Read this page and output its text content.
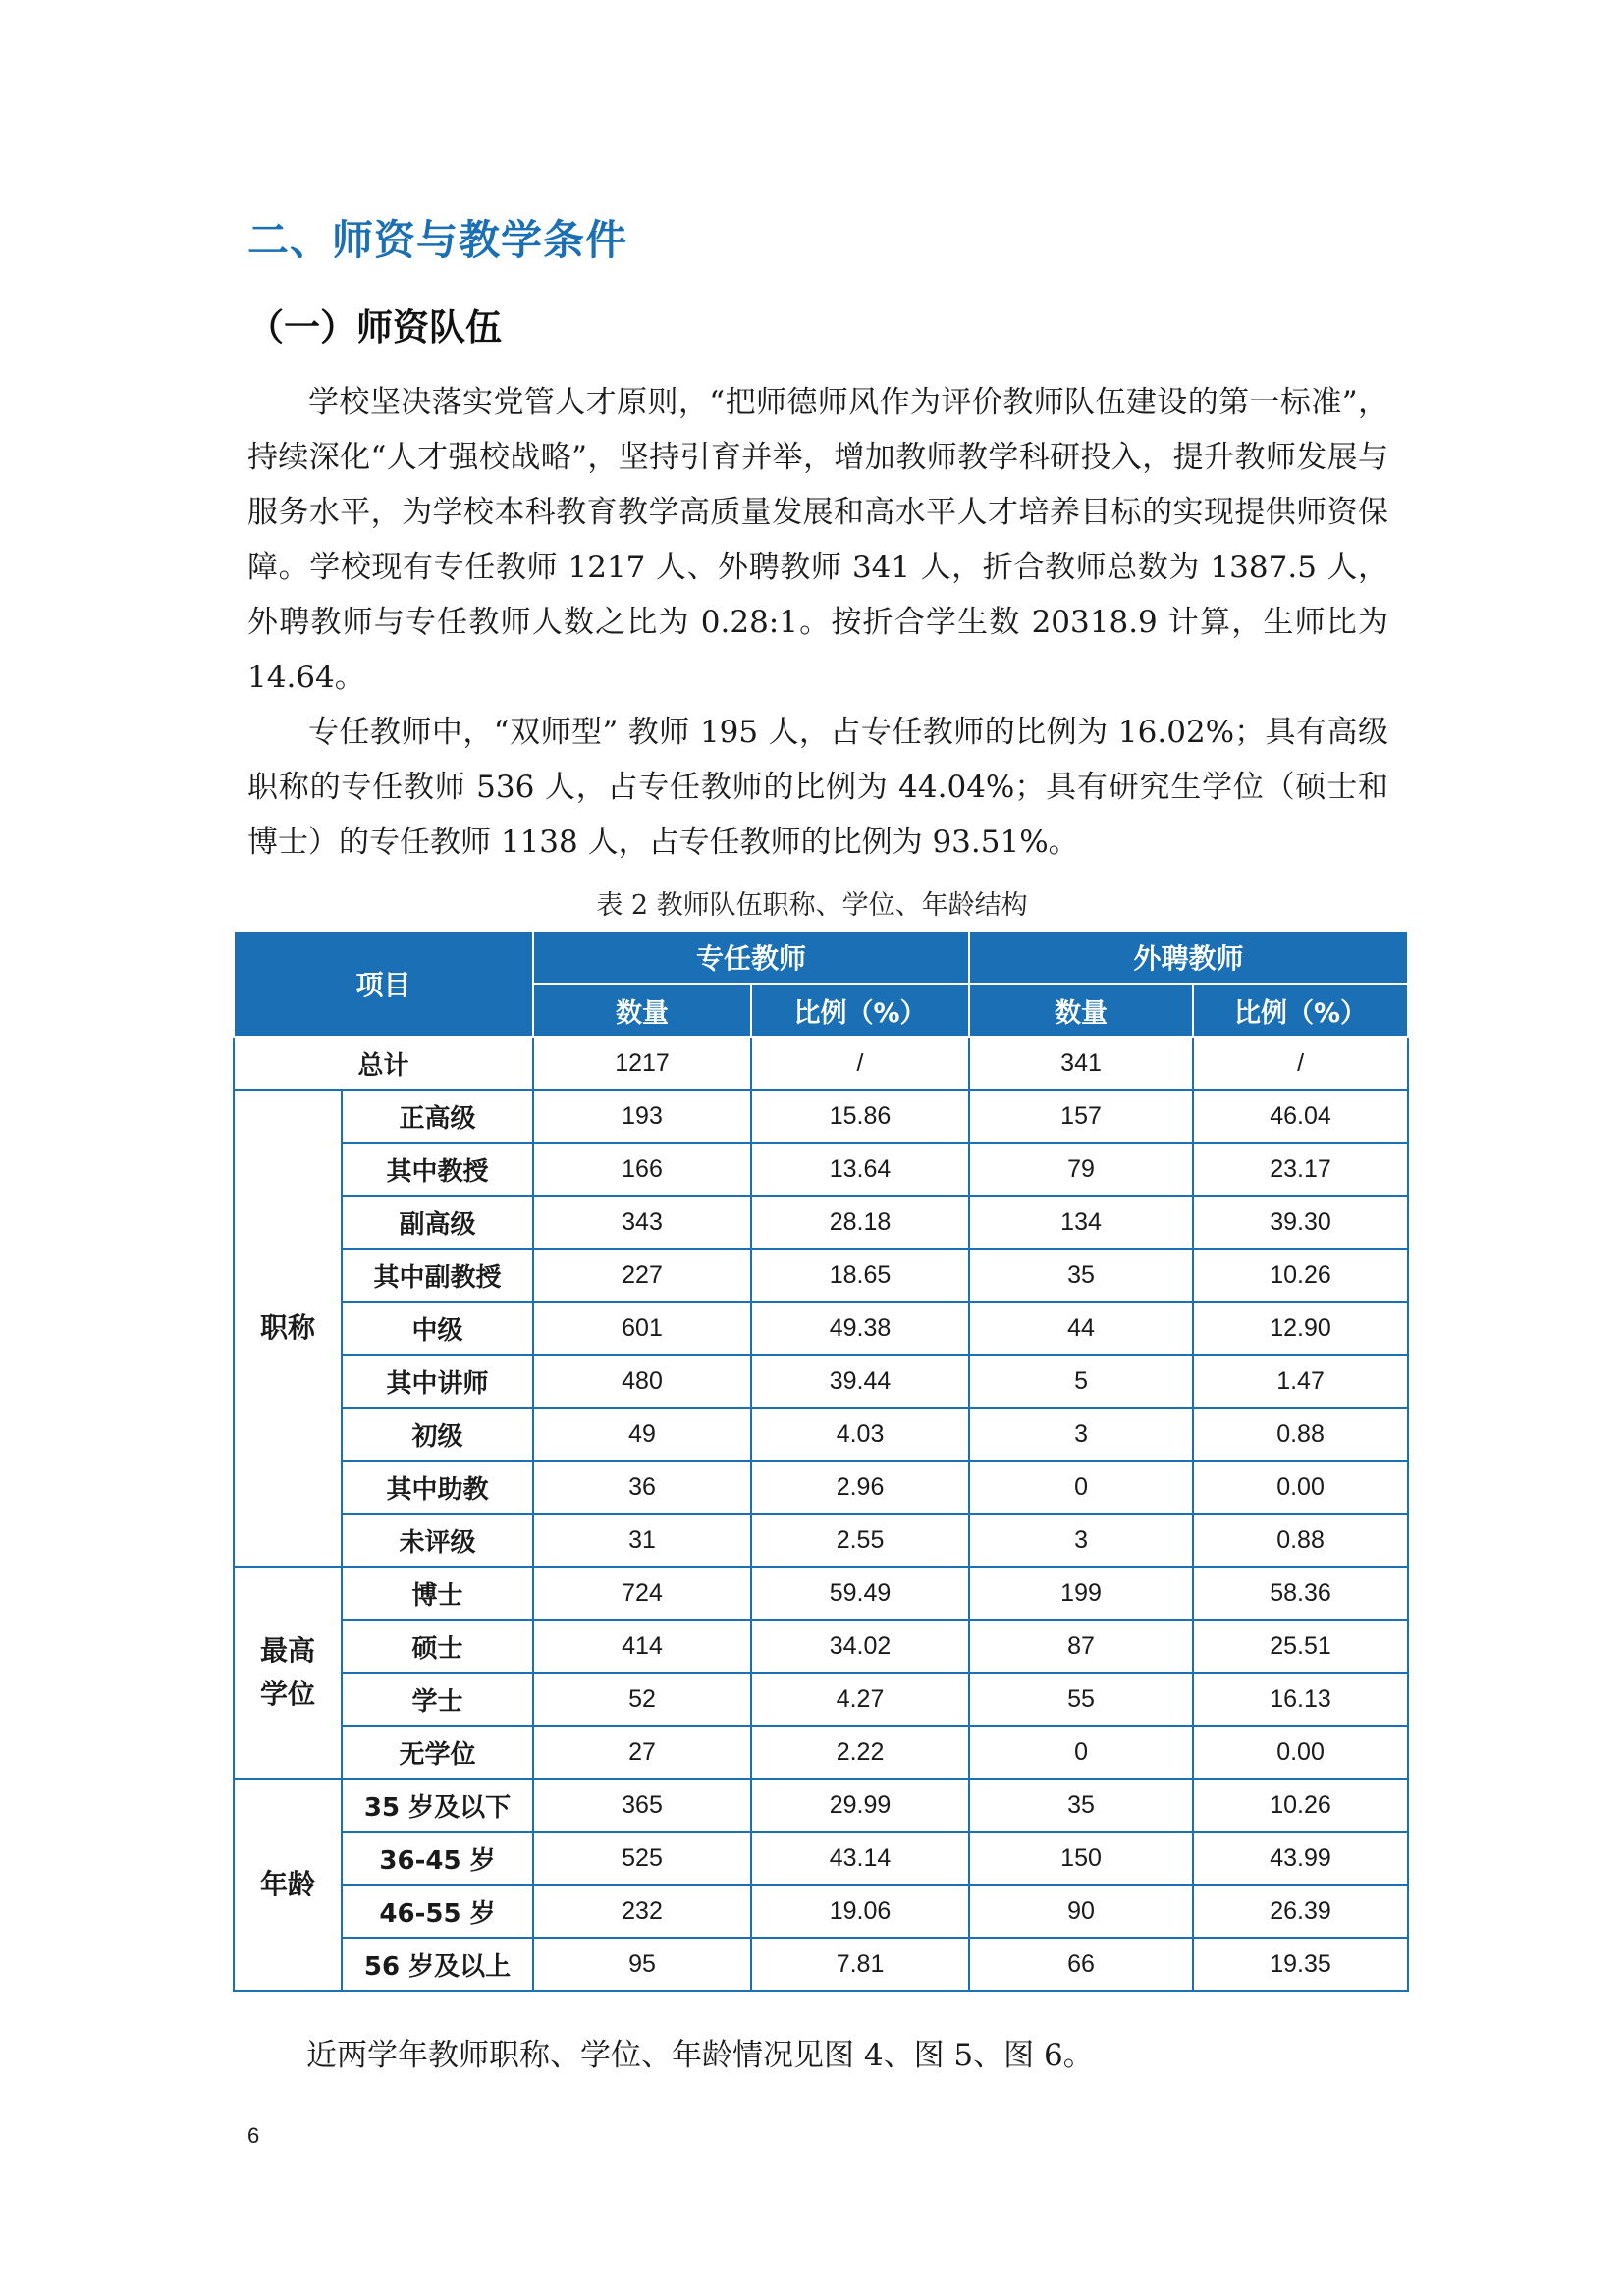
二、师资与教学条件
（一）师资队伍

学校坚决落实党管人才原则，“把师德师风作为评价教师队伍建设的第一标准”，持续深化“人才强校战略”，坚持引育并举，增加教师教学科研投入，提升教师发展与服务水平，为学校本科教育教学高质量发展和高水平人才培养目标的实现提供师资保障。学校现有专任教师 1217 人、外聘教师 341 人，折合教师总数为 1387.5 人，外聘教师与专任教师人数之比为 0.28:1。按折合学生数 20318.9 计算，生师比为 14.64。

专任教师中，“双师型” 教师 195 人，占专任教师的比例为 16.02%；具有高级职称的专任教师 536 人，占专任教师的比例为 44.04%；具有研究生学位（硕士和博士）的专任教师 1138 人，占专任教师的比例为 93.51%。

表 2 教师队伍职称、学位、年龄结构
项目		专任教师		外聘教师	
		数量	比例（%）	数量	比例（%）
总计		1217	/	341	/
职称	正高级	193	15.86	157	46.04
	其中教授	166	13.64	79	23.17
	副高级	343	28.18	134	39.30
	其中副教授	227	18.65	35	10.26
	中级	601	49.38	44	12.90
	其中讲师	480	39.44	5	1.47
	初级	49	4.03	3	0.88
	其中助教	36	2.96	0	0.00
	未评级	31	2.55	3	0.88
最高
学位	博士	724	59.49	199	58.36
	硕士	414	34.02	87	25.51
	学士	52	4.27	55	16.13
	无学位	27	2.22	0	0.00
年龄	35 岁及以下	365	29.99	35	10.26
	36-45 岁	525	43.14	150	43.99
	46-55 岁	232	19.06	90	26.39
	56 岁及以上	95	7.81	66	19.35
近两学年教师职称、学位、年龄情况见图 4、图 5、图 6。
6
